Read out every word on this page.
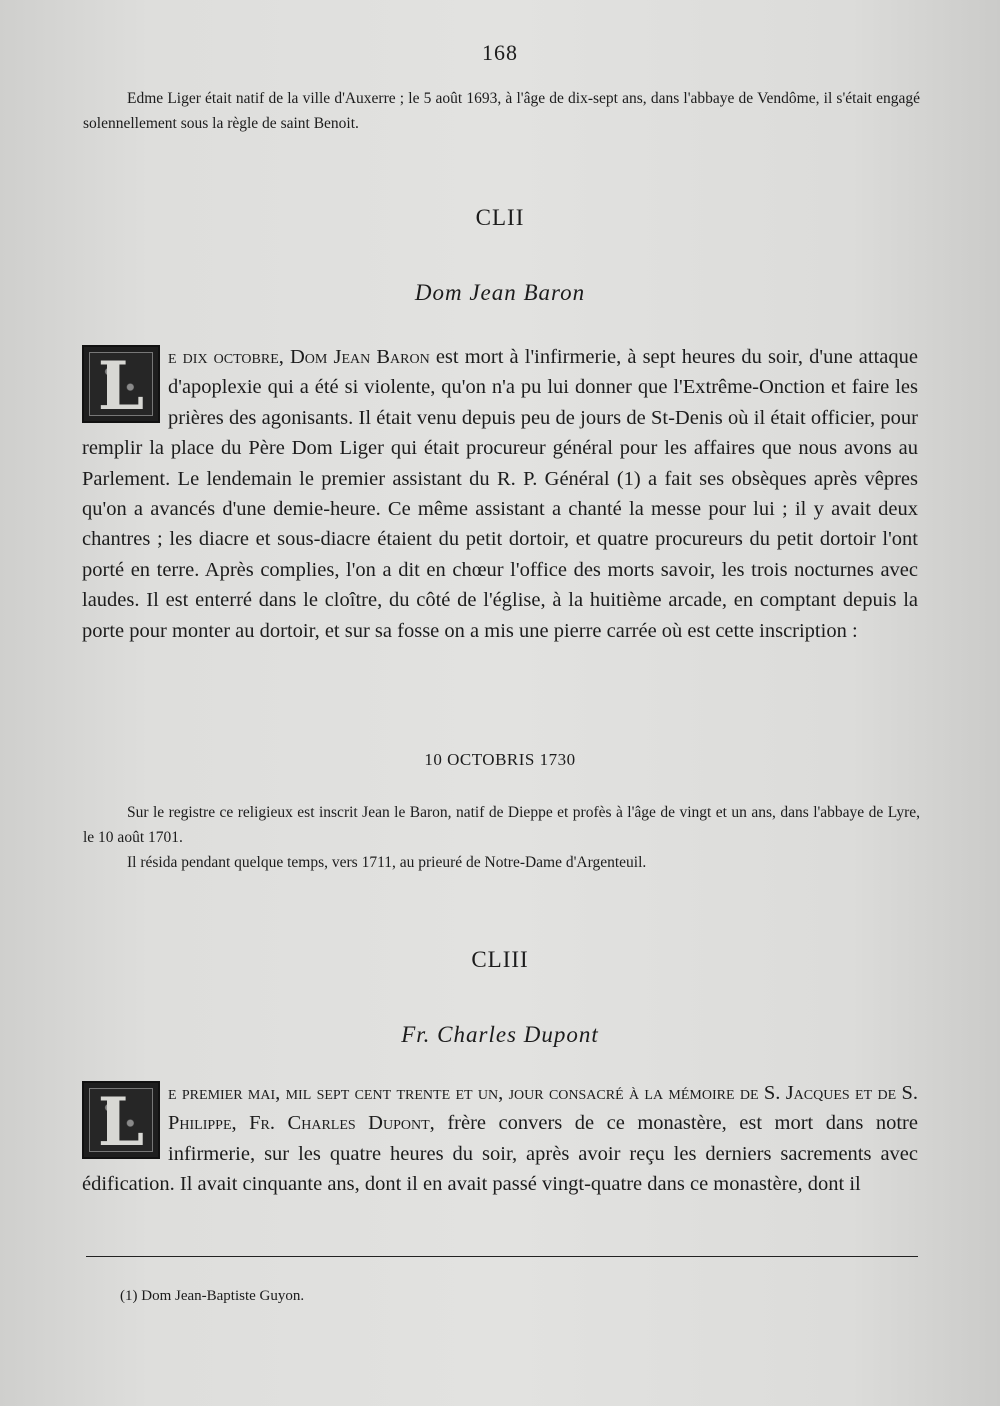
168

Edme Liger était natif de la ville d'Auxerre ; le 5 août 1693, à l'âge de dix-sept ans, dans l'abbaye de Vendôme, il s'était engagé solennellement sous la règle de saint Benoit.

CLII
Dom Jean Baron
L	e dix octobre, Dom Jean Baron est mort à l'infirmerie, à sept heures du soir, d'une attaque d'apoplexie qui a été si violente, qu'on n'a pu lui donner que l'Extrême-Onction et faire les prières des agonisants. Il était venu depuis peu de jours de St-Denis où il était officier, pour remplir la place du Père Dom Liger qui était procureur général pour les affaires que nous avons au Parlement. Le lendemain le premier assistant du R. P. Général (1) a fait ses obsèques après vêpres qu'on a avancés d'une demie-heure. Ce même assistant a chanté la messe pour lui ; il y avait deux chantres ; les diacre et sous-diacre étaient du petit dortoir, et quatre procureurs du petit dortoir l'ont porté en terre. Après complies, l'on a dit en chœur l'office des morts savoir, les trois nocturnes avec laudes. Il est enterré dans le cloître, du côté de l'église, à la huitième arcade, en comptant depuis la porte pour monter au dortoir, et sur sa fosse on a mis une pierre carrée où est cette inscription :

10 OCTOBRIS 1730

Sur le registre ce religieux est inscrit Jean le Baron, natif de Dieppe et profès à l'âge de vingt et un ans, dans l'abbaye de Lyre, le 10 août 1701.

Il résida pendant quelque temps, vers 1711, au prieuré de Notre-Dame d'Argenteuil.

CLIII
Fr. Charles Dupont
L	e premier mai, mil sept cent trente et un, jour consacré à la mémoire de S. Jacques et de S. Philippe, Fr. Charles Dupont, frère convers de ce monastère, est mort dans notre infirmerie, sur les quatre heures du soir, après avoir reçu les derniers sacrements avec édification. Il avait cinquante ans, dont il en avait passé vingt-quatre dans ce monastère, dont il

(1) Dom Jean-Baptiste Guyon.
